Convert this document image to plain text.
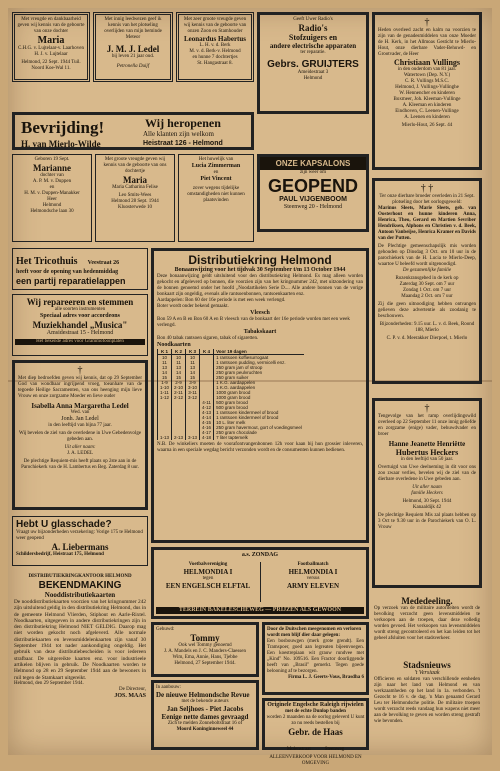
Met vreugde en dankbaarheid geven wij kennis van de geboorte van onze dochter
Maria
C.H.G. v. Lujtelaar-v. Laarhoven
H. J. v. Lujtelaar
Helmond, 22 Sept. 1944 Tuil. Noord Koe-Wal 11.
Met innig leedwezen geef ik kennis van het plotseling overlijden van mijn beminde Meteor
J. M. J. Ledel
bij leven 21 jaar oud.
Petronella Duijf
Met zeer groote vreugde geven wij kennis van de geboorte van onzen Zoon en Stamhouder
Leonardus Habertus
L. H. v. d. Berk
M. v. d. Berk-v. Helmond
en hunne 7 dochtertjes
St. Hangastraat 8.
Geeft Uwer Radio's
Radio's
Stofzuigers en
andere electrische apparaten
ter reparatie.
Gebrs. GRUIJTERS
Ameidestraat 3
Helmond
†
Heden overleed zacht en kalm na voorzien te zijn van de genadesmiddelen van onze Moeder de H. Kerk, in het Allmoas Gesticht te Mierlo-Hout, onze dierbare Vader-Behuwd- en Grootvader, de Heer
Christiaan Vullings
in den ouderdom van 81 jaar.
Watertown (Dep. N.Y.)
C. R. Vullings M.S.C.
Helmond, J. Vullings-Vullinghe
W. Hennencher en kinderen
Boxmeer, Joh. Kleeman-Vullinge
A. Kleeman en kinderen
Eindhoven, C. Leenen-Vullinge
A. Leenen en kinderen
Mierlo-Hout, 26 Sept. 44
Bevrijding!	Wij heropenen
Alle klanten zijn welkom
H. van Mierlo-Wilde	Heistraat 126 - Helmond
Geboren 19 Sept.
Marianne
dochter van
A. P. M. v. Duppen
en
H. M. v. Duppen-Manakker
Heer
Helmond
Helmondsche laan 30
Met groote vreugde geven wij kennis van de geboorte van ons dochtertje
Maria
Maria Catharina Felise
Leo Smits-Wees
Helmond 28 Sept. 1944
Kluosterwede 10
Het huwelijk van
Lucia Zimmerman
en
Piet Vincent
zover wegens tijdelijke omstandigheden niet kunnen plaatsvinden
ONZE KAPSALONS
zijn weer om
GEOPEND
PAUL VIJGENBOOM
Steenweg 20 - Helmond
Het Tricothuis Veestraat 26
heeft voor de opening van hedenmiddag
een partij reparatielappen
Distributiekring Helmond
Bonaanwijzing voor het tijdvak 30 September t/m 13 October 1944
Deze bonaanwijzing geldt uitsluitend voor den distributiekring Helmond. Es mag alleen worden gekocht en afgeleverd op bonnen, die voorzien zijn van het kringnummer 242, met uitzondering van de bonnen genoemd onder het hoofd „Noodartikelen Serie D.... Alle andere bonnen van de vorige bonkaart zijn ongeldig, evenals alle rantsoenbonnen, rantsoenkaarten enz.
Aardappelen: Bon 60 der 16e periode is met een week verlengd.
Boter wordt onder bekend gemaakt.
Vleesch
Bon 59 A en B en Bon 60 A en B vleesch van de bonkaart der 16e periode worden met een week verlengd.
Tabakskaart
Bon 40 tabak rantsoen sigaren, tabak of sigaretten.
Noodkaarten
K 1	K 2	K 3	K 4	Voor 19 dagen
10	10	10		1 rantsoen koffiesurrogaat
11	11	11		1 rantsoen pudding, vermicelli enz.
13	13	13		250 gram jam of stroop
14	14	14		250 gram peulvruchten
15	15	15		250 gram suiker
1-9	2-9	3-9		1 K.G. aardappelen
1-10	2-10	3-10		1 K.G. aardappelen
1-11	2-11	3-11		1000 gram brood
1-12	2-12	3-12		1000 gram brood
			4-11	500 gram brood
			4-12	500 gram brood
			4-13	1 rantsoen kindermeel of brood
			4-14	1 rantsoen kindermeel of brood
			4-15	10 L. liter melk
			4-16	250 gram havermout, gort of voedingsmeel
			4-17	250 gram chocolade
1-13	2-13	3-13	4-18	7 liter taptemelk
N.B. De winkeliers moeten de voorafontvangenbonnen 12h voor kaan bij hun grossier inleveren, waarna in een speciale wegdag bericht verzonden wordt en de consumenten kunnen bedienen.
† †
Ter onze dierbare broeder overleden in 21 Sept. plotseling door het oorlogsgeweld:
Marinus Sleets, Marie Sleets, geb. van Oosterhout en hunne kinderen Anna, Henrica, Theo, Gerard en Martien Sevriber Hendriksen, Alphons en Christien v. d. Beek, Antoon Vanbeijse, Henrica Kramer en Davids van der Putten.
De Plechtige gemeenschapslijk mis worden gehouden op Dinsdag 3 Oct. om 10 uur in de parochiekerk van de H. Lucia te Mierlo-Deep, waartoe U beleefd wordt uitgenoodigd.
De gezamenlijke familie
Rozenkransgebed in de kerk op
Zaterdag 30 Sept. om 7 uur
Zondag 1 Oct. om 7 uur
Maandag 2 Oct. om 7 uur
Zij die geen uitnoodiging hebben ontvangen gelieven deze advertentie als zoodanig te beschouwen.
Bijzonderheden: 9.15 uur. L. v. d. Beek, Roond 188, Mierlo
C. P. v. d. Meerakker Dierpoel, t. Mierlo
Wij repareeren en stemmen
alle soorten instrumenten
Speciaal adres voor accordeons
Muziekhandel „Musica"
Amsidestraat 15 - Helmond
Het bekende adres voor Grammofoonplaten
†
Met diep bedroefden geven wij kennis, dat op 29 September God van wondbaar ingrijpend vroeg, toeanhare van de tegoede Heilige Sacramenten, van ons heenging mijn lieve Vrouw en onze zorgzame Moeder en lieve ouder
Isabella Anna Margaretha Ledel
Wed. van
Jonh. Jan Ledel
in den leeftijd van bijna 77 jaar.
Wij bevelen de ziel van de overledene in Uwe Gebedenvolge gebeden aan.
Uit aller naam:
J. A. LEDEL
De plechtige Requiem-mis heeft plaats op 2ste aan in de Parochiekerk van de H. Lambertus en Beg. Zaterdag 8 uur.
†
Tengevolge van het ramp overlijdingswild overleed op 22 September 11 onze innig geliefde en zorgzame (enige) vader, behuwdvader en broer
Hanne Jeanette Henriëtte
Hubertus Heckers
in den leeftijd van 50 jaar.
Overtuigd van Uwe deelneming in dit voor ons zoo zwaar verlies, bevelen wij de ziel van de dierbare overledene in Uwe gebeden aan.
Uit aller naam
familie Heckers
Helmond, 30 Sept. 1944
Kanaaldijk 42
De plechtige Requiem Mis zal plaats hebben op 3 Oct te 9.30 uur in de Parochiekerk van O. L. Vrouw
Hebt U glasschade?
Vraagt uw bijzonderheden verzekering: Vorige 175 te Helmond weer geopend
A. Liebermans
Schildersbedrijf, Heistraat 175, Helmond	a.s. ZONDAG
Voetbalvereniging
HELMONDIA I
tegen
EEN ENGELSCH ELFTAL
Footballmatch
HELMONDIA I
versus
ARMY ELEVEN
TERREIN BAKELESCHEWEG — PRIJZEN ALS GEWOON
DISTRIBUTIEKRINGKANTOOR HELMOND
BEKENDMAKING
Nooddistributiekaarten
De nooddistributiekaarten voorzien van het kringnummer 242 zijn uitsluitend geldig in den distributiekring Helmond, dus in de gemeente Helmond Vlierden, Stiphout en Aarle-Rixtel. Noodkaarten, uitgegeven in andere distributiekringen zijn in den distributiekring Helmond NIET GELDIG. Daarop mag niet worden gekocht noch afgeleverd. Alle normale distributiekaarten en levensmiddelenkaarten zijn vanaf 30 September 1944 tot nader aankondiging ongeldig. Het gebruik van deze distributiebescheiden is voor iedereen strafbaar. De uitgereikte kaarten enz. voor industrieele artikelen blijven in gebruik. De Noodkaarten worden te Helmond op 28 en 29 September 1944 aan de bewoners in ruil tegen de Stamkaart uitgereikt.
Helmond, den 29 September 1944.
De Directeur,
JOS. MAAS
Gehuwd:
Tommy
Ook wel Tommy genoemd
J. A. Mandels en J. C. Manders-Claessen
Wim, Ema, Annie, Hans, Tjebbe
Helmond, 27 September 1944.
Door de Duitschen meegenomen en verloren wordt men blijf dier daar gelegen:
Een bosbouwgen (merk grote grendt). Een Tramspoer, goed aan legreaten bijeenvoegen. Een koestrepiaan wit grauw rundvee met „Kind" No. 109516. Een Fractor doorliggende heeft van „Brasil" gemerkt. Tegen goede belooning af te bezorgen.
Firma L. J. Geerts-Vous, Brasdha 6
In aanbouw:
De nieuwe Helmondsche Revue
met de bekende auteurs
Jan Seljhoes - Piet Jacobs
Eenige nette dames gevraagd
Zich te melden Zonneboltstraat 16 of
Moord Koninginneweel 44
Originele Engelsche Raleigh rijwielen
met de echte Dunlop banden
worden 2 maanden na de oorlog geleverd U kunt zo nu reeds bestellen bij
Gebr. de Haas
Molenstraat	Steenweg
ALLEENVERKOOP VOOR HELMOND EN OMGEVING
Mededeeling.
Op verzoek van de militaire autoriteiten wordt de bevolking verzocht geen levensmiddelen te verkoopen aan de troepen, daar deze volledig worden gevoed. Het verkoopen van levensmiddelen wordt streng gecontroleerd en het kan leiden tot het geheel afsluiten voor het stadsverkeer.
Stadsnieuws
't Versiaak
Officieren en soldaten van verschillende eenheden zijn naar het land van Helmond en van werkzaamheden op het land in 1a. verbonden. 't Gezocht te 16 v. de dag. 'n Man genaamd Gerard Leu ter Helmondsche politie. De militaire troepen wordt verzocht reeds vandaag hun wapens niet meer aan de bevolking te geven en worden streng gestraft wie bevonden.
